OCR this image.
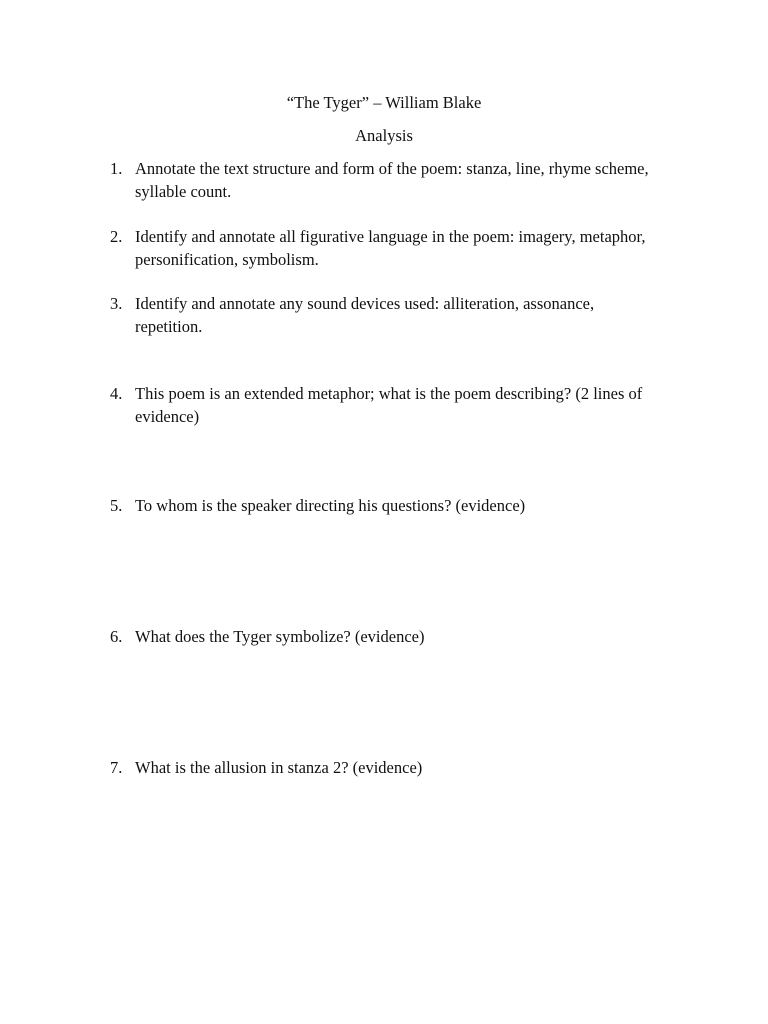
“The Tyger” – William Blake
Analysis
1. Annotate the text structure and form of the poem: stanza, line, rhyme scheme, syllable count.
2. Identify and annotate all figurative language in the poem: imagery, metaphor, personification, symbolism.
3. Identify and annotate any sound devices used: alliteration, assonance, repetition.
4. This poem is an extended metaphor; what is the poem describing? (2 lines of evidence)
5. To whom is the speaker directing his questions? (evidence)
6. What does the Tyger symbolize? (evidence)
7. What is the allusion in stanza 2? (evidence)
